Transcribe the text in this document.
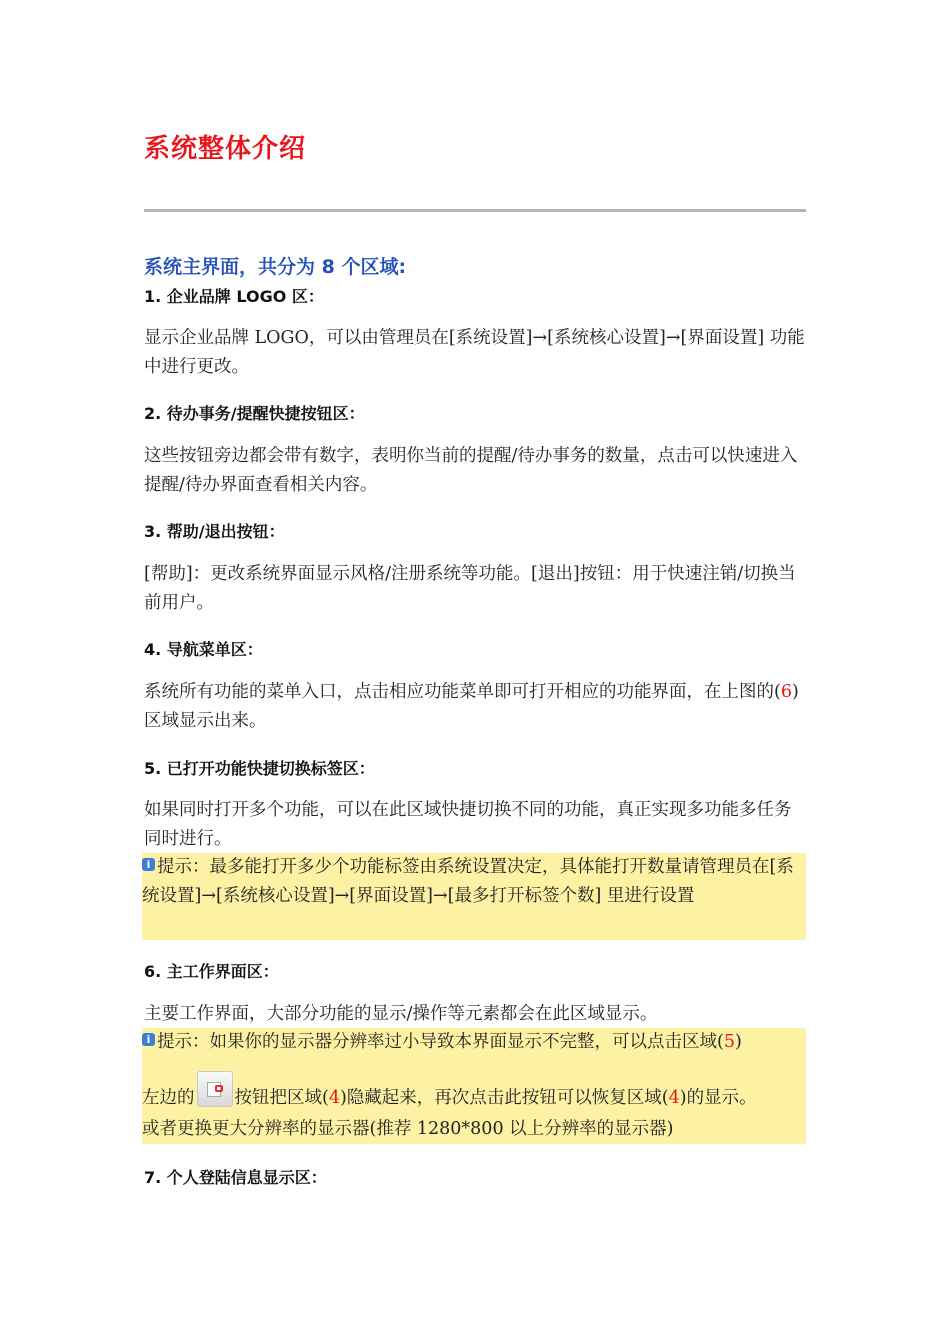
系统整体介绍
系统主界面，共分为 8 个区域:
1. 企业品牌 LOGO 区：
显示企业品牌 LOGO，可以由管理员在[系统设置]→[系统核心设置]→[界面设置] 功能中进行更改。
2. 待办事务/提醒快捷按钮区：
这些按钮旁边都会带有数字，表明你当前的提醒/待办事务的数量，点击可以快速进入提醒/待办界面查看相关内容。
3. 帮助/退出按钮：
[帮助]：更改系统界面显示风格/注册系统等功能。[退出]按钮：用于快速注销/切换当前用户。
4. 导航菜单区：
系统所有功能的菜单入口，点击相应功能菜单即可打开相应的功能界面，在上图的(6)区域显示出来。
5. 已打开功能快捷切换标签区：
如果同时打开多个功能，可以在此区域快捷切换不同的功能，真正实现多功能多任务同时进行。
i 提示：最多能打开多少个功能标签由系统设置决定，具体能打开数量请管理员在[系统设置]→[系统核心设置]→[界面设置]→[最多打开标签个数] 里进行设置
6. 主工作界面区：
主要工作界面，大部分功能的显示/操作等元素都会在此区域显示。
i 提示：如果你的显示器分辨率过小导致本界面显示不完整，可以点击区域(5)
左边的 按钮把区域(4)隐藏起来，再次点击此按钮可以恢复区域(4)的显示。
或者更换更大分辨率的显示器(推荐 1280*800 以上分辨率的显示器)
7. 个人登陆信息显示区：
